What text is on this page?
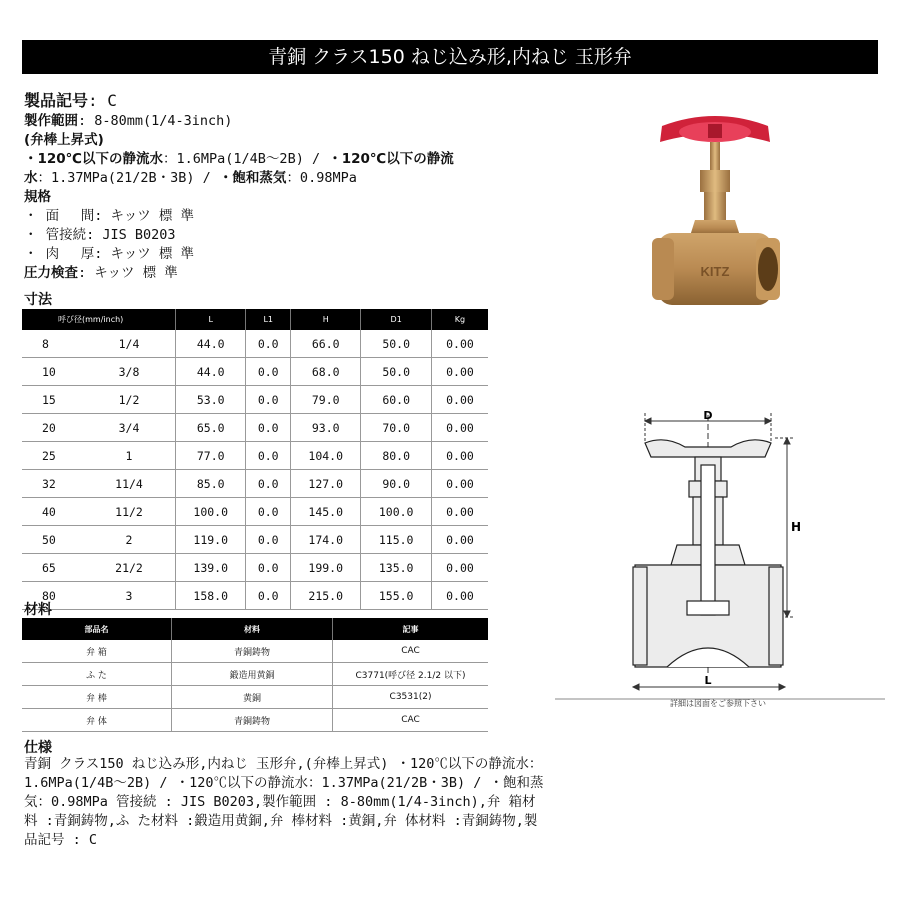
青銅 クラス150 ねじ込み形,内ねじ 玉形弁
製品記号: C
製作範囲: 8-80mm(1/4-3inch)
(弁棒上昇式)
・120℃以下の静流水：1.6MPa(1/4B～2B) / ・120℃以下の静流
水：1.37MPa(21/2B・3B) / ・飽和蒸気：0.98MPa
規格
・ 面　 間: キッツ 標 準
・ 管接続: JIS B0203
・ 肉　 厚: キッツ 標 準
圧力検査: キッツ 標 準
寸法
呼び径(mm/inch)		L	L1	H	D1	Kg
8	1/4	44.0	0.0	66.0	50.0	0.00
10	3/8	44.0	0.0	68.0	50.0	0.00
15	1/2	53.0	0.0	79.0	60.0	0.00
20	3/4	65.0	0.0	93.0	70.0	0.00
25	1	77.0	0.0	104.0	80.0	0.00
32	11/4	85.0	0.0	127.0	90.0	0.00
40	11/2	100.0	0.0	145.0	100.0	0.00
50	2	119.0	0.0	174.0	115.0	0.00
65	21/2	139.0	0.0	199.0	135.0	0.00
80	3	158.0	0.0	215.0	155.0	0.00
材料
部品名	材料	記事
弁 箱	青銅鋳物	CAC
ふ た	鍛造用黄銅	C3771(呼び径 2.1/2 以下)
弁 棒	黄銅	C3531(2)
弁 体	青銅鋳物	CAC
仕様
青銅 クラス150 ねじ込み形,内ねじ 玉形弁,(弁棒上昇式) ・120℃以下の静流水：1.6MPa(1/4B～2B) / ・120℃以下の静流水：1.37MPa(21/2B・3B) / ・飽和蒸気：0.98MPa 管接続 : JIS B0203,製作範囲 : 8-80mm(1/4-3inch),弁 箱材料 :青銅鋳物,ふ た材料 :鍛造用黄銅,弁 棒材料 :黄銅,弁 体材料 :青銅鋳物,製品記号 : C
KITZ
D
H
L
詳細は図面をご参照下さい
